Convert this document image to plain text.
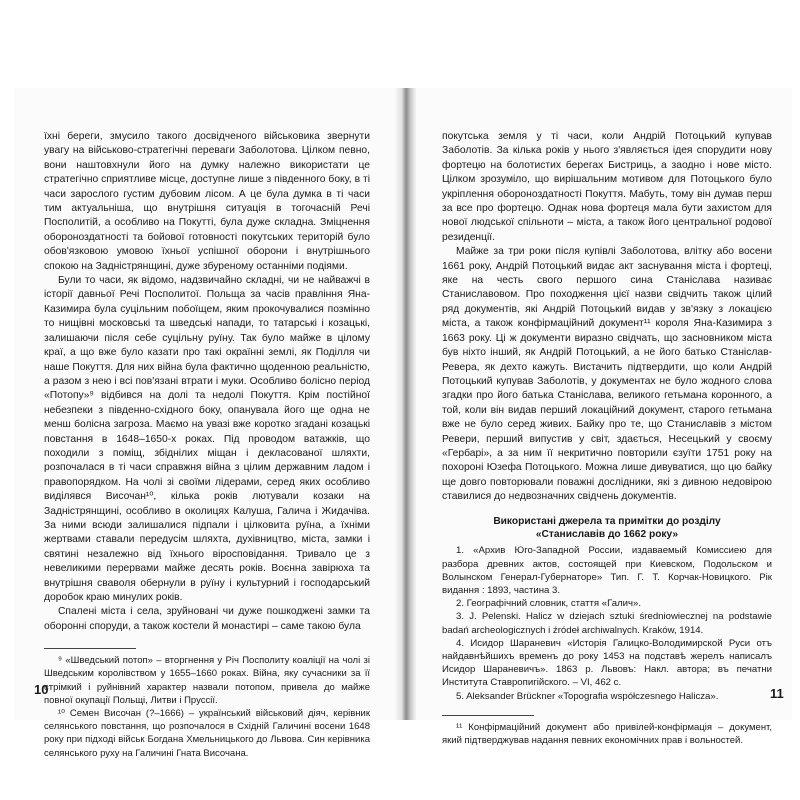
їхні береги, змусило такого досвідченого військовика звернути увагу на військово-стратегічні переваги Заболотова. Цілком певно, вони наштовхнули його на думку належно використати це стратегічно сприятливе місце, доступне лише з південного боку, в ті часи зарослого густим дубовим лісом. А це була думка в ті часи тим актуальніша, що внутрішня ситуація в тогочасній Речі Посполитій, а особливо на Покутті, була дуже складна. Зміцнення обороноздатності та бойової готовності покутських територій було обов'язковою умовою їхньої успішної оборони і внутрішнього спокою на Задністрянщині, дуже збуреному останніми подіями.

Були то часи, як відомо, надзвичайно складні, чи не найважчі в історії давньої Речі Посполитої. Польща за часів правління Яна-Казимира була суцільним побоїщем, яким прокочувалися позмінно то нищівні московські та шведські напади, то татарські і козацькі, залишаючи після себе суцільну руїну. Так було майже в цілому краї, а що вже було казати про такі окраїнні землі, як Поділля чи наше Покуття. Для них війна була фактично щоденною реальністю, а разом з нею і всі пов'язані втрати і муки. Особливо болісно період «Потопу»⁹ відбився на долі та недолі Покуття. Крім постійної небезпеки з південно-східного боку, опанувала його ще одна не менш болісна загроза. Маємо на увазі вже коротко згадані козацькі повстання в 1648–1650-х роках. Під проводом ватажків, що походили з поміщ, збіднілих міщан і декласованої шляхти, розпочалася в ті часи справжня війна з цілим державним ладом і правопорядком. На чолі зі своїми лідерами, серед яких особливо виділявся Височан¹⁰, кілька років лютували козаки на Задністрянщині, особливо в околицях Калуша, Галича і Жидачіва. За ними всюди залишалися підпали і цілковита руїна, а їхніми жертвами ставали передусім шляхта, духівництво, міста, замки і святині незалежно від їхнього віросповідання. Тривало це з невеликими перервами майже десять років. Воєнна завірюха та внутрішня сваволя обернули в руїну і культурний і господарський доробок краю минулих років.

Спалені міста і села, зруйновані чи дуже пошкоджені замки та оборонні споруди, а також костели й монастирі – саме такою була

⁹ «Шведський потоп» – вторгнення у Річ Посполиту коаліції на чолі зі Шведським королівством у 1655–1660 роках. Війна, яку сучасники за її стрімкий і руйнівний характер назвали потопом, привела до майже повної окупації Польщі, Литви і Пруссії.

¹⁰ Семен Височан (?–1666) – український військовий діяч, керівник селянського повстання, що розпочалося в Східній Галичині восени 1648 року при підході військ Богдана Хмельницького до Львова. Син керівника селянського руху на Галичині Гната Височана.

10

покутська земля у ті часи, коли Андрій Потоцький купував Заболотів. За кілька років у нього з'являється ідея спорудити нову фортецю на болотистих берегах Бистриць, а заодно і нове місто. Цілком зрозуміло, що вирішальним мотивом для Потоцького було укріплення обороноздатності Покуття. Мабуть, тому він думав перш за все про фортецю. Однак нова фортеця мала бути захистом для нової людської спільноти – міста, а також його центральної родової резиденції.

Майже за три роки після купівлі Заболотова, влітку або восени 1661 року, Андрій Потоцький видає акт заснування міста і фортеці, яке на честь свого першого сина Станіслава називає Станиславовом. Про походження цієї назви свідчить також цілий ряд документів, які Андрій Потоцький видав у зв'язку з локацією міста, а також конфірмаційний документ¹¹ короля Яна-Казимира з 1663 року. Ці ж документи виразно свідчать, що засновником міста був ніхто інший, як Андрій Потоцький, а не його батько Станіслав-Ревера, як дехто кажуть. Вистачить підтвердити, що коли Андрій Потоцький купував Заболотів, у документах не було жодного слова згадки про його батька Станіслава, великого гетьмана коронного, а той, коли він видав перший локаційний документ, старого гетьмана вже не було серед живих. Байку про те, що Станиславів з містом Ревери, перший випустив у світ, здається, Несецький у своєму «Гербарі», а за ним її некритично повторили єзуїти 1751 року на похороні Юзефа Потоцького. Можна лише дивуватися, що цю байку ще довго повторювали поважні дослідники, які з дивною недовірою ставилися до недвозначних свідчень документів.

Використані джерела та примітки до розділу
«Станиславів до 1662 року»

1. «Архив Юго-Западной России, издаваемый Комиссиею для разбора древних актов, состоящей при Киевском, Подольском и Волынском Генерал-Губернаторе» Тип. Г. Т. Корчак-Новицкого. Рік видання : 1893, частина 3.

2. Географічний словник, стаття «Галич».

3. J. Pelenski. Halicz w dziejach sztuki średniowiecznej na podstawie badań archeologicznych i źródeł archiwalnych. Kraków, 1914.

4. Исидор Шараневич «Исторія Галицко-Володимирской Руси отъ найдавнѣйшихъ временъ до року 1453 на подставѣ жерелъ написалъ Исидор Шараневичъ». 1863 р. Львовъ: Накл. автора; въ печатни Института Ставропигійского. – VI, 462 с.

5. Aleksander Brückner «Topografia współczesnego Halicza».

¹¹ Конфірмаційний документ або привілей-конфірмація – документ, який підтверджував надання певних економічних прав і вольностей.

11
